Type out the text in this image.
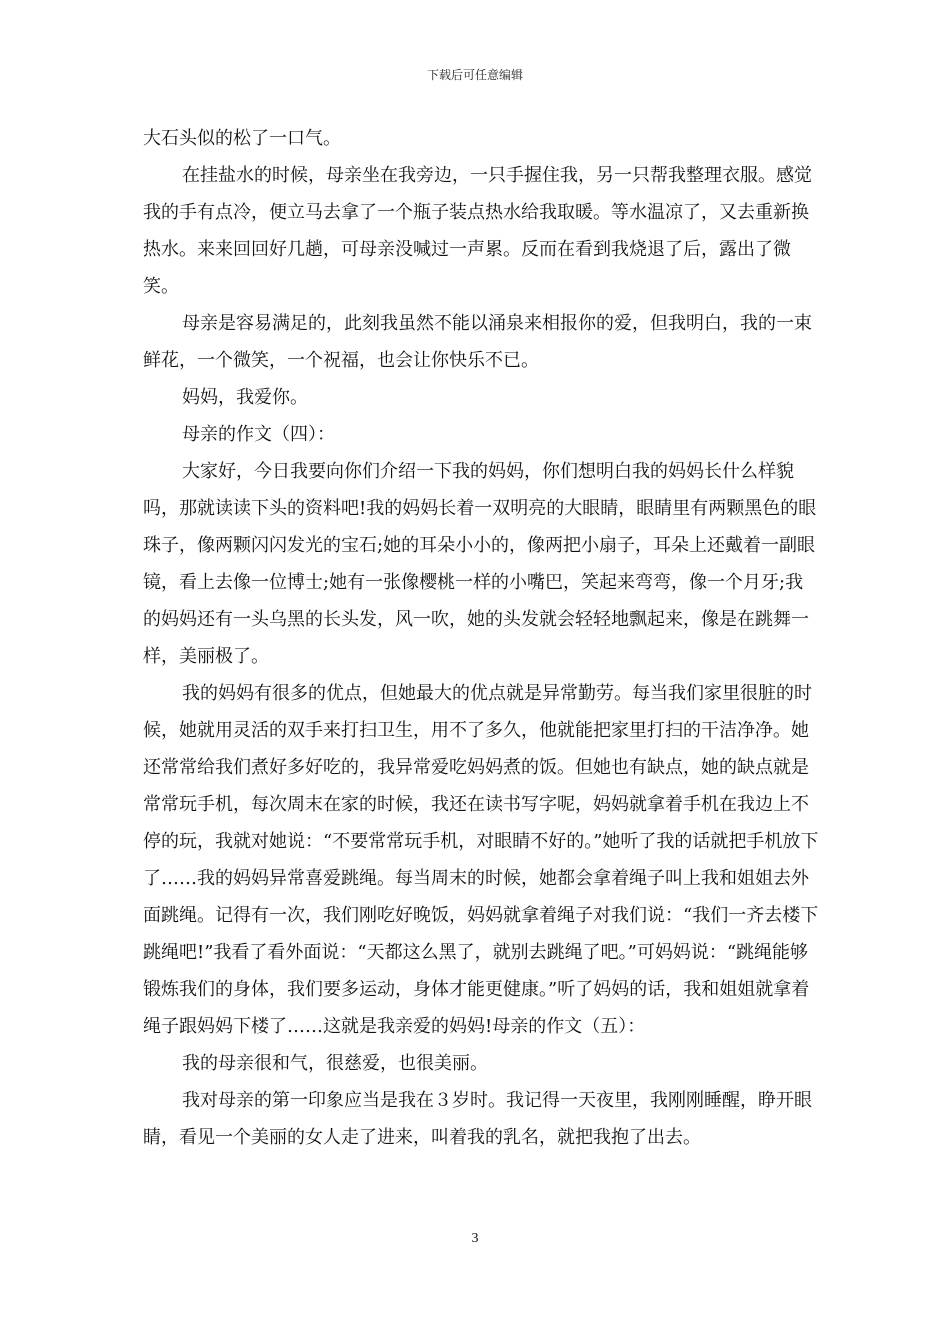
下载后可任意编辑

大石头似的松了一口气。

在挂盐水的时候，母亲坐在我旁边，一只手握住我，另一只帮我整理衣服。感觉我的手有点冷，便立马去拿了一个瓶子装点热水给我取暖。等水温凉了，又去重新换热水。来来回回好几趟，可母亲没喊过一声累。反而在看到我烧退了后，露出了微笑。

母亲是容易满足的，此刻我虽然不能以涌泉来相报你的爱，但我明白，我的一束鲜花，一个微笑，一个祝福，也会让你快乐不已。

妈妈，我爱你。

母亲的作文（四）：

大家好，今日我要向你们介绍一下我的妈妈，你们想明白我的妈妈长什么样貌吗，那就读读下头的资料吧!我的妈妈长着一双明亮的大眼睛，眼睛里有两颗黑色的眼珠子，像两颗闪闪发光的宝石;她的耳朵小小的，像两把小扇子，耳朵上还戴着一副眼镜，看上去像一位博士;她有一张像樱桃一样的小嘴巴，笑起来弯弯，像一个月牙;我的妈妈还有一头乌黑的长头发，风一吹，她的头发就会轻轻地飘起来，像是在跳舞一样，美丽极了。

我的妈妈有很多的优点，但她最大的优点就是异常勤劳。每当我们家里很脏的时候，她就用灵活的双手来打扫卫生，用不了多久，他就能把家里打扫的干洁净净。她还常常给我们煮好多好吃的，我异常爱吃妈妈煮的饭。但她也有缺点，她的缺点就是常常玩手机，每次周末在家的时候，我还在读书写字呢，妈妈就拿着手机在我边上不停的玩，我就对她说：“不要常常玩手机，对眼睛不好的。”她听了我的话就把手机放下了……我的妈妈异常喜爱跳绳。每当周末的时候，她都会拿着绳子叫上我和姐姐去外面跳绳。记得有一次，我们刚吃好晚饭，妈妈就拿着绳子对我们说：“我们一齐去楼下跳绳吧!”我看了看外面说：“天都这么黑了，就别去跳绳了吧。”可妈妈说：“跳绳能够锻炼我们的身体，我们要多运动，身体才能更健康。”听了妈妈的话，我和姐姐就拿着绳子跟妈妈下楼了……这就是我亲爱的妈妈!母亲的作文（五）：

我的母亲很和气，很慈爱，也很美丽。

我对母亲的第一印象应当是我在３岁时。我记得一天夜里，我刚刚睡醒，睁开眼睛，看见一个美丽的女人走了进来，叫着我的乳名，就把我抱了出去。

3
